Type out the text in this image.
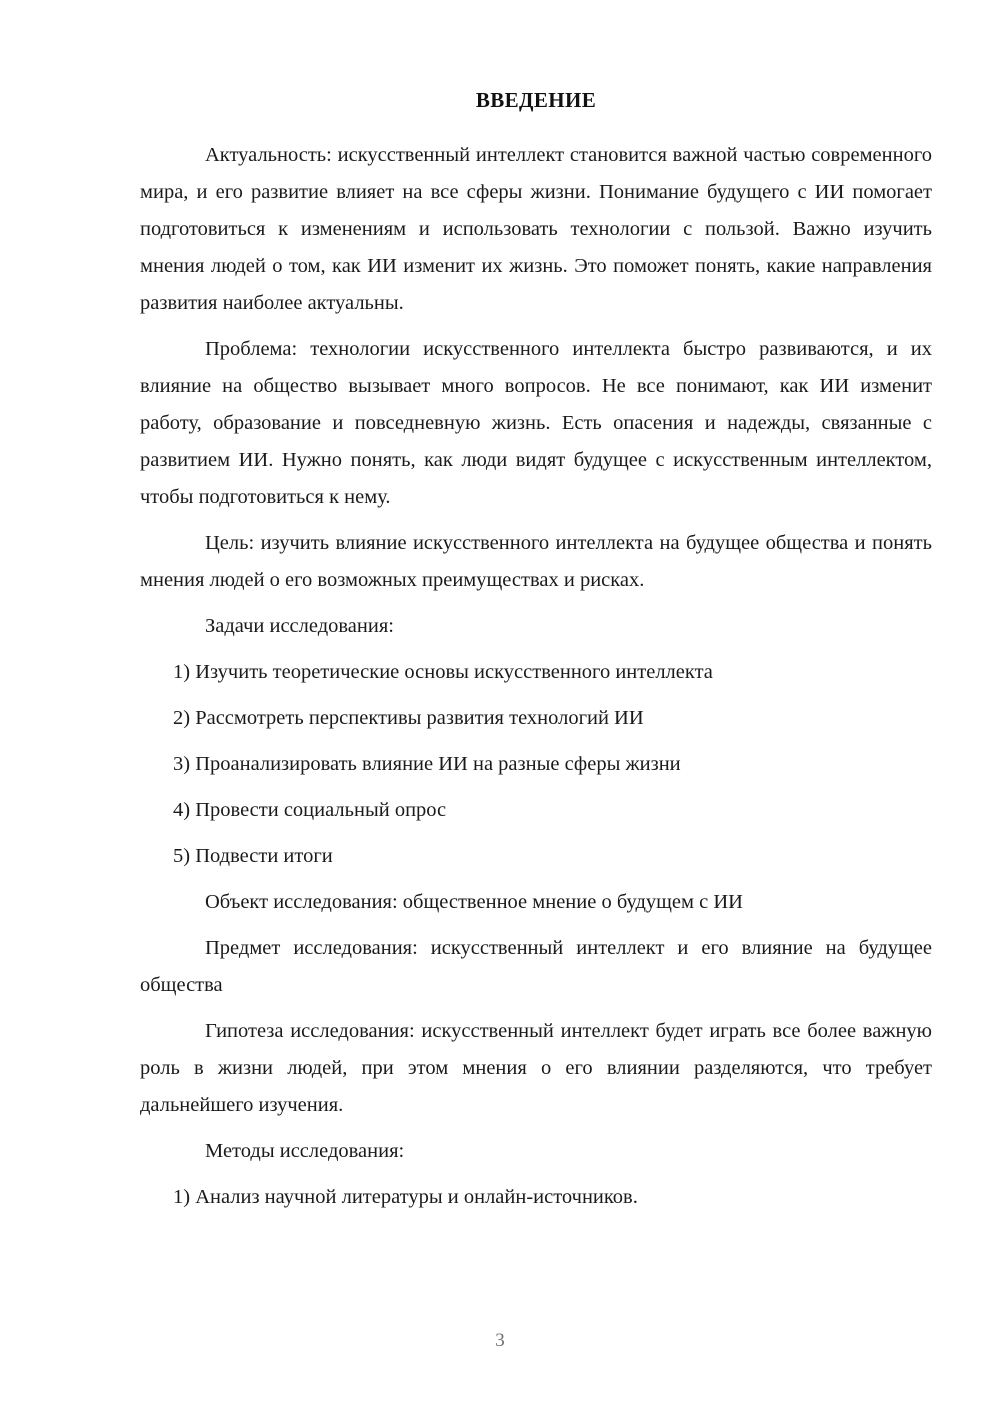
ВВЕДЕНИЕ

Актуальность: искусственный интеллект становится важной частью современного мира, и его развитие влияет на все сферы жизни. Понимание будущего с ИИ помогает подготовиться к изменениям и использовать технологии с пользой. Важно изучить мнения людей о том, как ИИ изменит их жизнь. Это поможет понять, какие направления развития наиболее актуальны.

Проблема: технологии искусственного интеллекта быстро развиваются, и их влияние на общество вызывает много вопросов. Не все понимают, как ИИ изменит работу, образование и повседневную жизнь. Есть опасения и надежды, связанные с развитием ИИ. Нужно понять, как люди видят будущее с искусственным интеллектом, чтобы подготовиться к нему.

Цель: изучить влияние искусственного интеллекта на будущее общества и понять мнения людей о его возможных преимуществах и рисках.

Задачи исследования:

1) Изучить теоретические основы искусственного интеллекта

2) Рассмотреть перспективы развития технологий ИИ

3) Проанализировать влияние ИИ на разные сферы жизни

4) Провести социальный опрос

5) Подвести итоги

Объект исследования: общественное мнение о будущем с ИИ

Предмет исследования: искусственный интеллект и его влияние на будущее общества

Гипотеза исследования: искусственный интеллект будет играть все более важную роль в жизни людей, при этом мнения о его влиянии разделяются, что требует дальнейшего изучения.

Методы исследования:

1) Анализ научной литературы и онлайн-источников.

3
